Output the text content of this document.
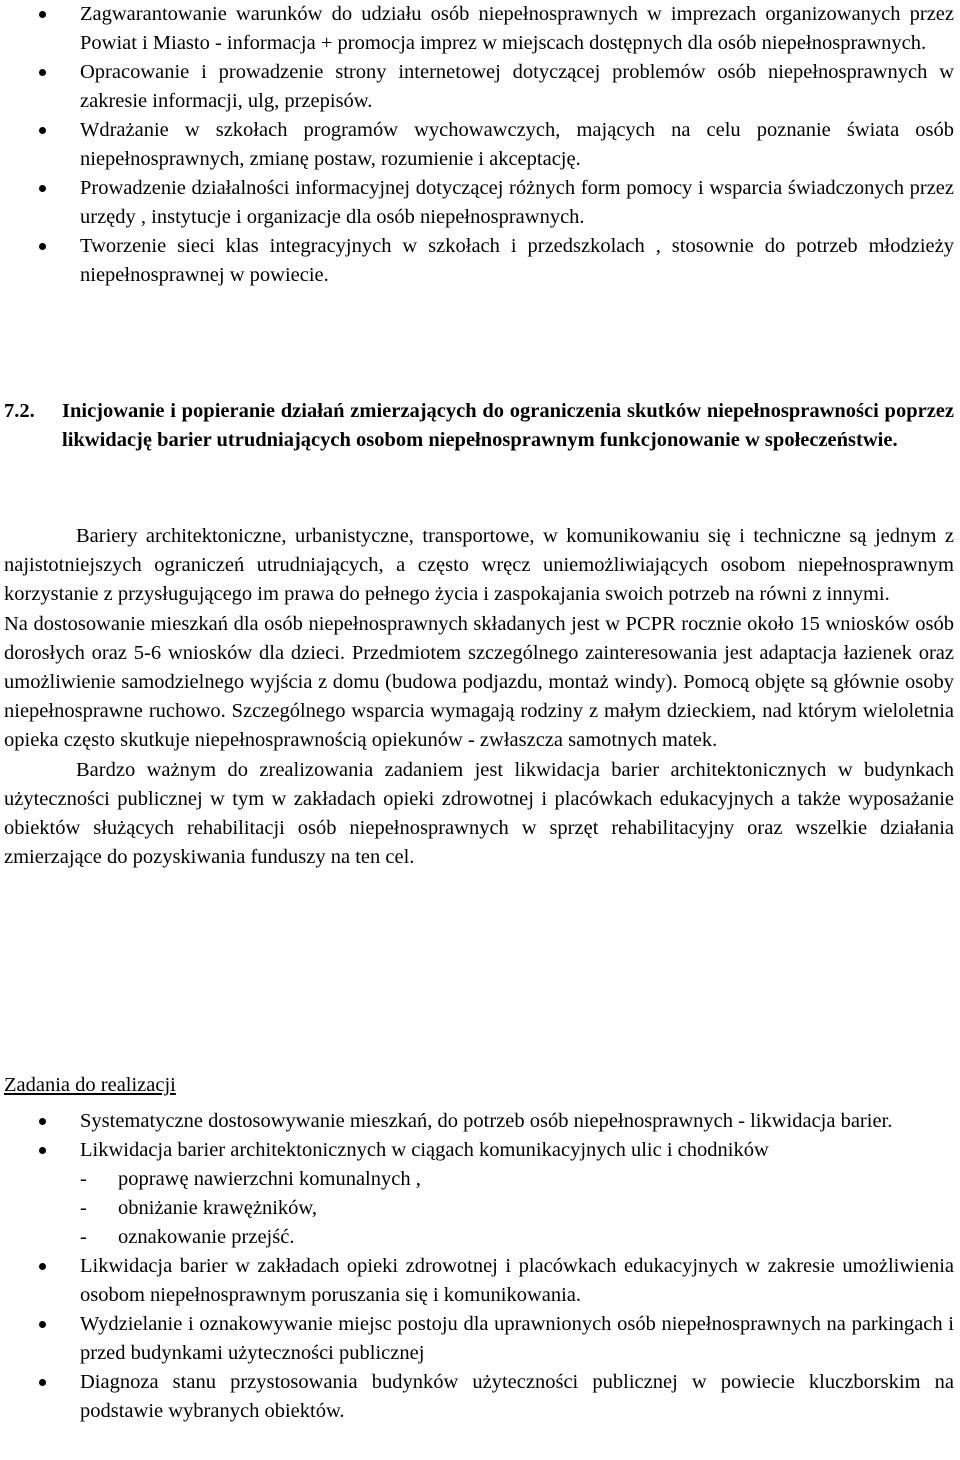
Zagwarantowanie warunków do udziału osób niepełnosprawnych w imprezach organizowanych przez Powiat i Miasto - informacja + promocja imprez w miejscach dostępnych dla osób niepełnosprawnych.
Opracowanie i prowadzenie strony internetowej dotyczącej problemów osób niepełnosprawnych w zakresie informacji, ulg, przepisów.
Wdrażanie w szkołach programów wychowawczych, mających na celu poznanie świata osób niepełnosprawnych, zmianę postaw, rozumienie i akceptację.
Prowadzenie działalności informacyjnej dotyczącej różnych form pomocy i wsparcia świadczonych przez urzędy , instytucje i organizacje dla osób niepełnosprawnych.
Tworzenie sieci klas integracyjnych w szkołach i przedszkolach , stosownie do potrzeb młodzieży niepełnosprawnej w powiecie.
7.2.	Inicjowanie i popieranie działań zmierzających do ograniczenia skutków niepełnosprawności poprzez likwidację barier utrudniających osobom niepełnosprawnym funkcjonowanie w społeczeństwie.

Bariery architektoniczne, urbanistyczne, transportowe, w komunikowaniu się i techniczne są jednym z najistotniejszych ograniczeń utrudniających, a często wręcz uniemożliwiających osobom niepełnosprawnym korzystanie z przysługującego im prawa do pełnego życia i zaspokajania swoich potrzeb na równi z innymi.

Na dostosowanie mieszkań dla osób niepełnosprawnych składanych jest w PCPR rocznie około 15 wniosków osób dorosłych oraz 5-6 wniosków dla dzieci. Przedmiotem szczególnego zainteresowania jest adaptacja łazienek oraz umożliwienie samodzielnego wyjścia z domu (budowa podjazdu, montaż windy). Pomocą objęte są głównie osoby niepełnosprawne ruchowo. Szczególnego wsparcia wymagają rodziny z małym dzieckiem, nad którym wieloletnia opieka często skutkuje niepełnosprawnością opiekunów - zwłaszcza samotnych matek.

Bardzo ważnym do zrealizowania zadaniem jest likwidacja barier architektonicznych w budynkach użyteczności publicznej w tym w zakładach opieki zdrowotnej i placówkach edukacyjnych a także wyposażanie obiektów służących rehabilitacji osób niepełnosprawnych w sprzęt rehabilitacyjny oraz wszelkie działania zmierzające do pozyskiwania funduszy na ten cel.

Zadania do realizacji
Systematyczne dostosowywanie mieszkań, do potrzeb osób niepełnosprawnych - likwidacja barier.
Likwidacja barier architektonicznych w ciągach komunikacyjnych ulic i chodników
- poprawę nawierzchni komunalnych ,
- obniżanie krawężników,
- oznakowanie przejść.
Likwidacja barier w zakładach opieki zdrowotnej i placówkach edukacyjnych w zakresie umożliwienia osobom niepełnosprawnym poruszania się i komunikowania.
Wydzielanie i oznakowywanie miejsc postoju dla uprawnionych osób niepełnosprawnych na parkingach i przed budynkami użyteczności publicznej
Diagnoza stanu przystosowania budynków użyteczności publicznej w powiecie kluczborskim na podstawie wybranych obiektów.
